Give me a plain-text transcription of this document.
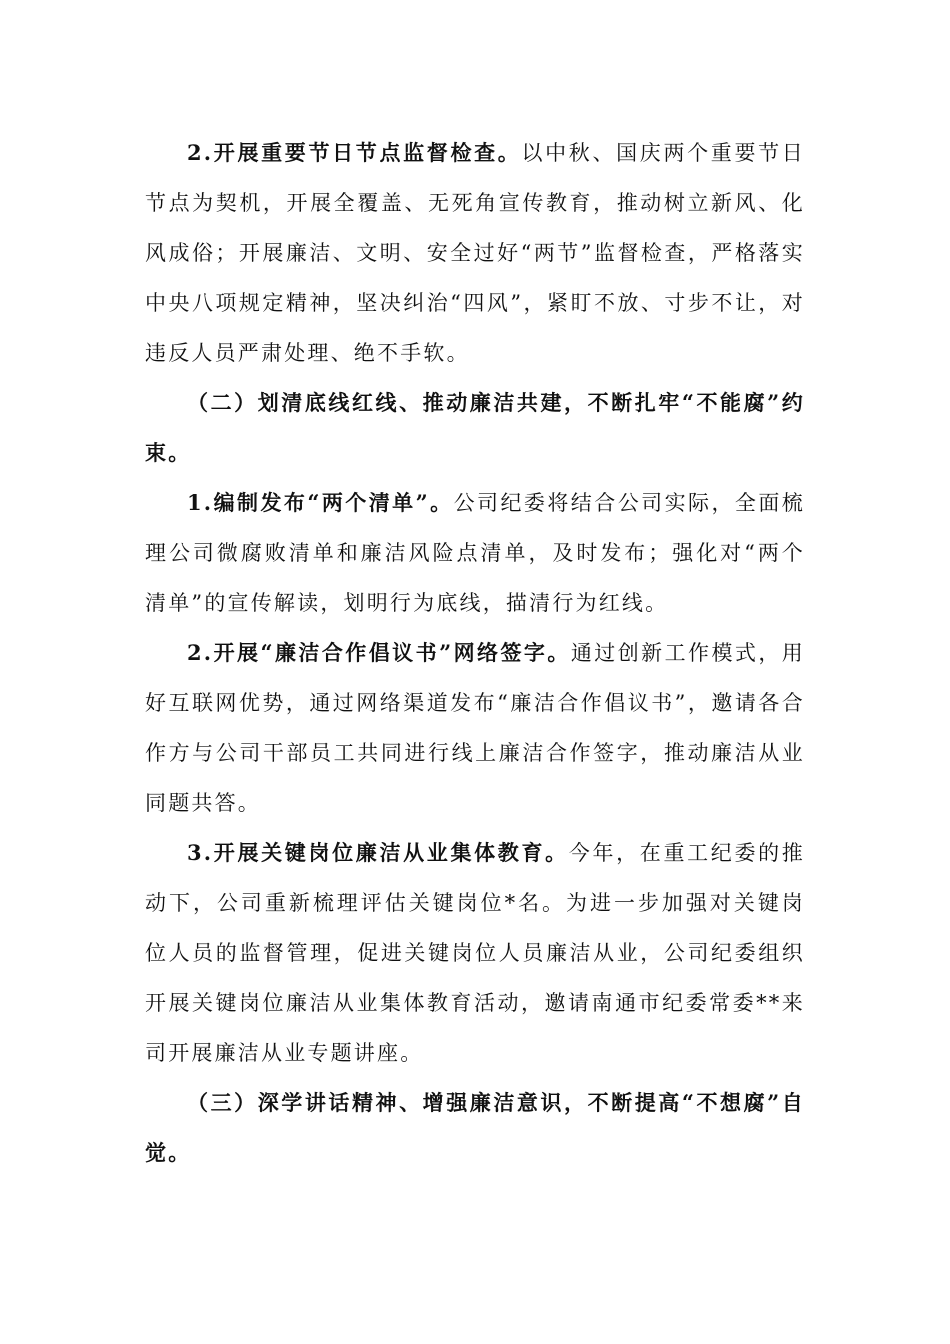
2.开展重要节日节点监督检查。以中秋、国庆两个重要节日节点为契机，开展全覆盖、无死角宣传教育，推动树立新风、化风成俗；开展廉洁、文明、安全过好“两节”监督检查，严格落实中央八项规定精神，坚决纠治“四风”，紧盯不放、寸步不让，对违反人员严肃处理、绝不手软。

（二）划清底线红线、推动廉洁共建，不断扎牢“不能腐”约束。

1.编制发布“两个清单”。公司纪委将结合公司实际，全面梳理公司微腐败清单和廉洁风险点清单，及时发布；强化对“两个清单”的宣传解读，划明行为底线，描清行为红线。

2.开展“廉洁合作倡议书”网络签字。通过创新工作模式，用好互联网优势，通过网络渠道发布“廉洁合作倡议书”，邀请各合作方与公司干部员工共同进行线上廉洁合作签字，推动廉洁从业同题共答。

3.开展关键岗位廉洁从业集体教育。今年，在重工纪委的推动下，公司重新梳理评估关键岗位*名。为进一步加强对关键岗位人员的监督管理，促进关键岗位人员廉洁从业，公司纪委组织开展关键岗位廉洁从业集体教育活动，邀请南通市纪委常委**来司开展廉洁从业专题讲座。

（三）深学讲话精神、增强廉洁意识，不断提高“不想腐”自觉。
